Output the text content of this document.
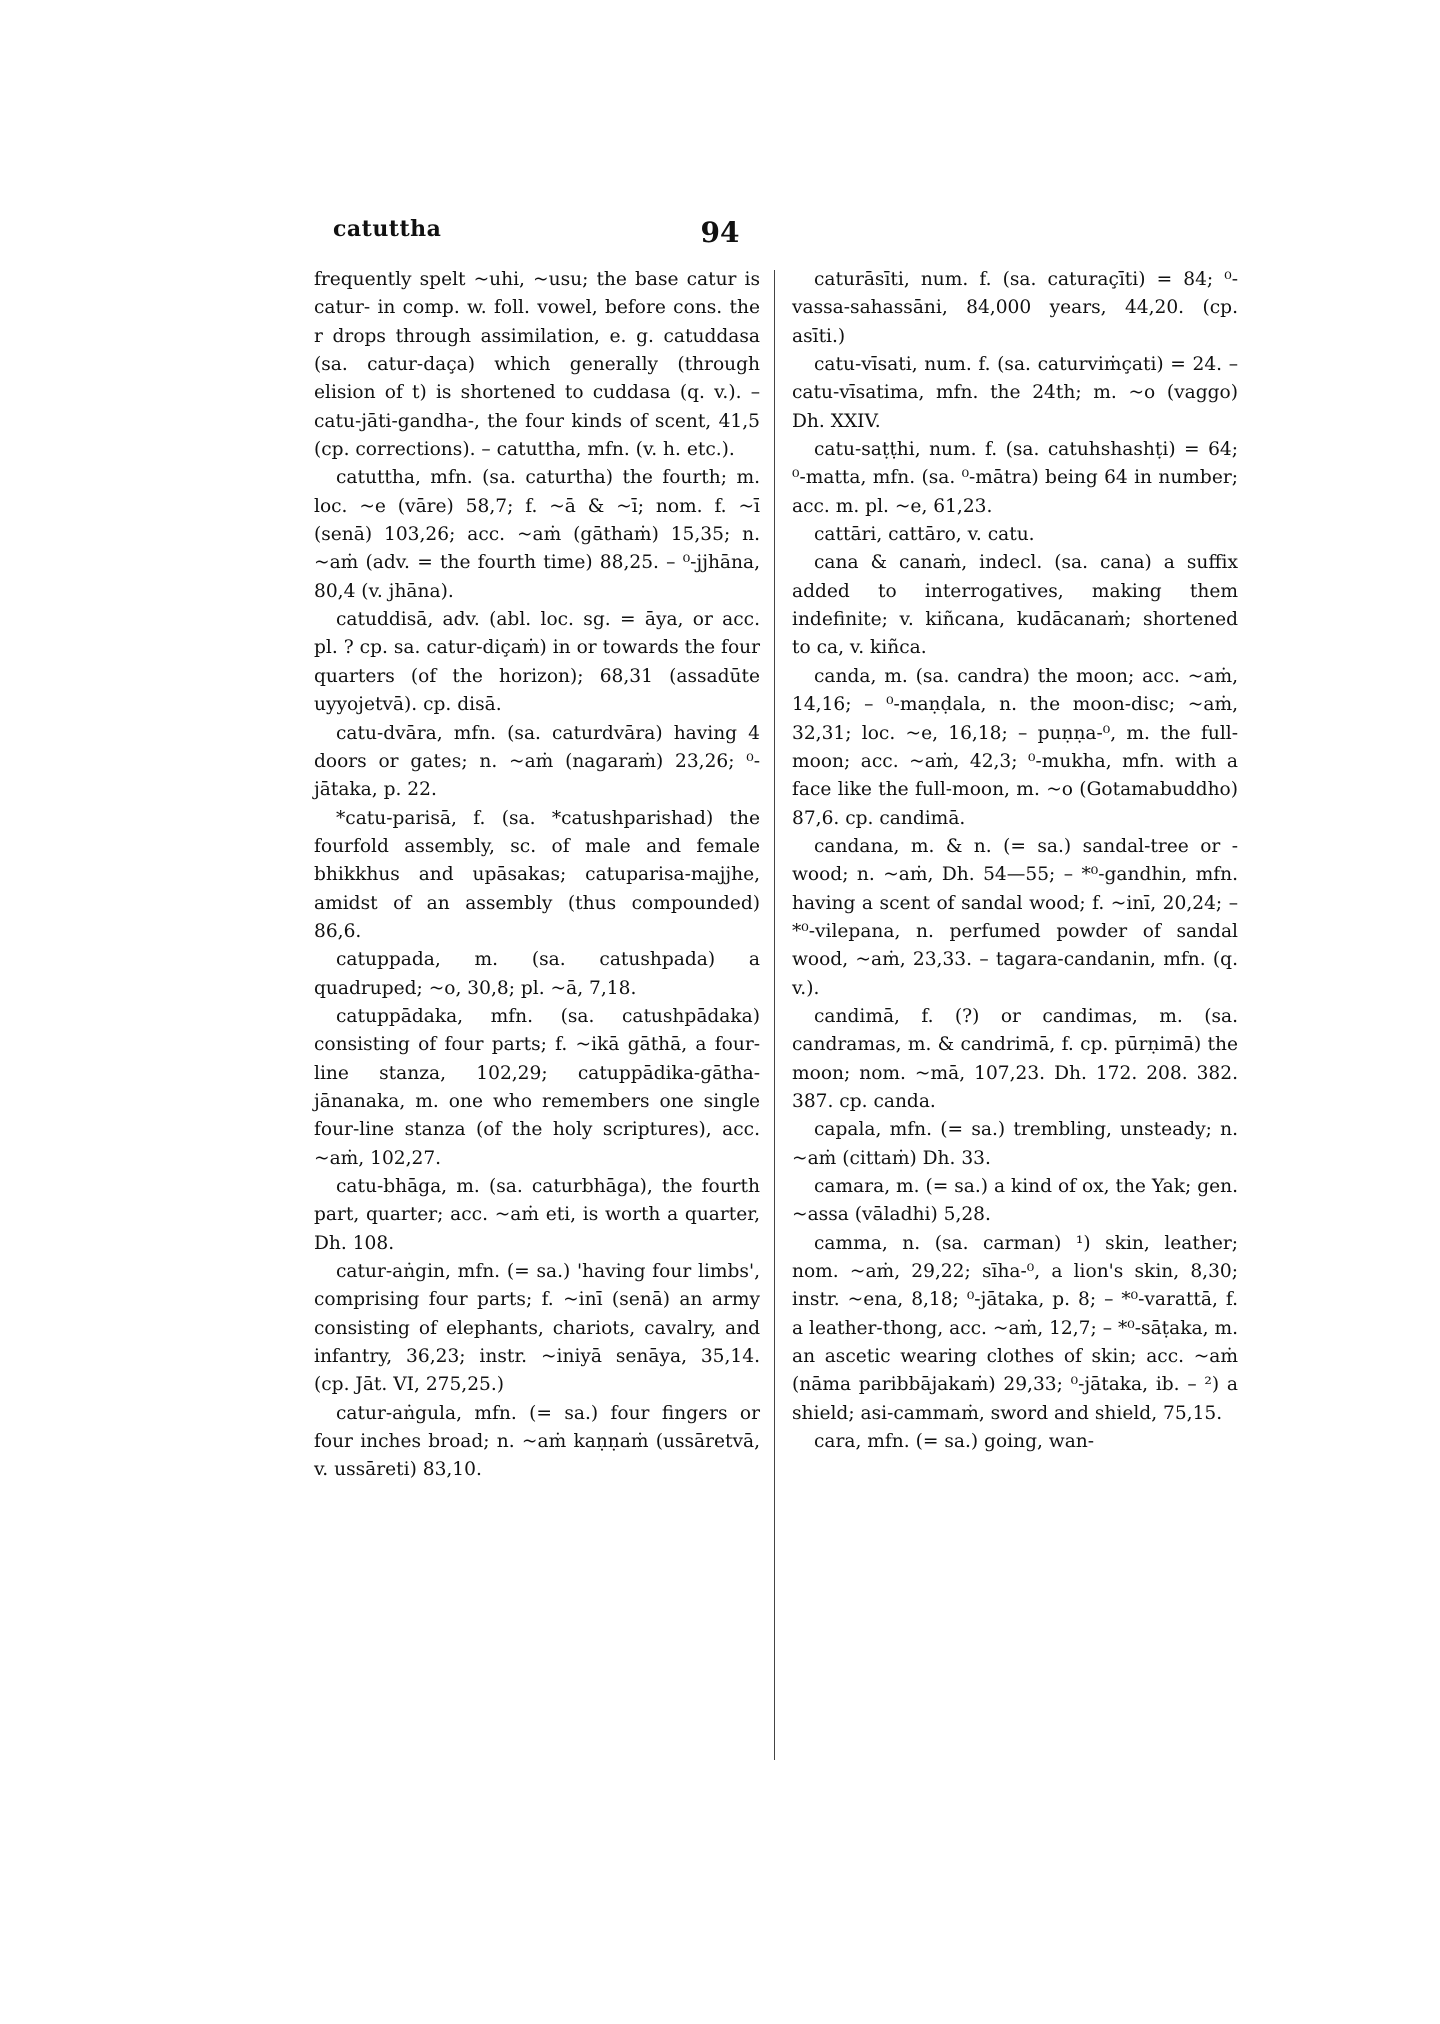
catuttha	94

frequently spelt ~uhi, ~usu; the base catur is catur- in comp. w. foll. vowel, before cons. the r drops through assimilation, e. g. catuddasa (sa. catur-daça) which generally (through elision of t) is shortened to cuddasa (q. v.). – catu-jāti-gandha-, the four kinds of scent, 41,5 (cp. corrections). – catuttha, mfn. (v. h. etc.).

catuttha, mfn. (sa. caturtha) the fourth; m. loc. ~e (vāre) 58,7; f. ~ā & ~ī; nom. f. ~ī (senā) 103,26; acc. ~aṁ (gāthaṁ) 15,35; n. ~aṁ (adv. = the fourth time) 88,25. – ⁰-jjhāna, 80,4 (v. jhāna).

catuddisā, adv. (abl. loc. sg. = āya, or acc. pl. ? cp. sa. catur-diçaṁ) in or towards the four quarters (of the horizon); 68,31 (assadūte uyyojetvā). cp. disā.

catu-dvāra, mfn. (sa. caturdvāra) having 4 doors or gates; n. ~aṁ (nagaraṁ) 23,26; ⁰-jātaka, p. 22.

*catu-parisā, f. (sa. *catushparishad) the fourfold assembly, sc. of male and female bhikkhus and upāsakas; catuparisa-majjhe, amidst of an assembly (thus compounded) 86,6.

catuppada, m. (sa. catushpada) a quadruped; ~o, 30,8; pl. ~ā, 7,18.

catuppādaka, mfn. (sa. catushpādaka) consisting of four parts; f. ~ikā gāthā, a four-line stanza, 102,29; catuppādika-gātha-jānanaka, m. one who remembers one single four-line stanza (of the holy scriptures), acc. ~aṁ, 102,27.

catu-bhāga, m. (sa. caturbhāga), the fourth part, quarter; acc. ~aṁ eti, is worth a quarter, Dh. 108.

catur-aṅgin, mfn. (= sa.) 'having four limbs', comprising four parts; f. ~inī (senā) an army consisting of elephants, chariots, cavalry, and infantry, 36,23; instr. ~iniyā senāya, 35,14. (cp. Jāt. VI, 275,25.)

catur-aṅgula, mfn. (= sa.) four fingers or four inches broad; n. ~aṁ kaṇṇaṁ (ussāretvā, v. ussāreti) 83,10.

caturāsīti, num. f. (sa. caturaçīti) = 84; ⁰-vassa-sahassāni, 84,000 years, 44,20. (cp. asīti.)

catu-vīsati, num. f. (sa. caturviṁçati) = 24. – catu-vīsatima, mfn. the 24th; m. ~o (vaggo) Dh. XXIV.

catu-saṭṭhi, num. f. (sa. catuhshashṭi) = 64; ⁰-matta, mfn. (sa. ⁰-mātra) being 64 in number; acc. m. pl. ~e, 61,23.

cattāri, cattāro, v. catu.

cana & canaṁ, indecl. (sa. cana) a suffix added to interrogatives, making them indefinite; v. kiñcana, kudācanaṁ; shortened to ca, v. kiñca.

canda, m. (sa. candra) the moon; acc. ~aṁ, 14,16; – ⁰-maṇḍala, n. the moon-disc; ~aṁ, 32,31; loc. ~e, 16,18; – puṇṇa-⁰, m. the full-moon; acc. ~aṁ, 42,3; ⁰-mukha, mfn. with a face like the full-moon, m. ~o (Gotamabuddho) 87,6. cp. candimā.

candana, m. & n. (= sa.) sandal-tree or -wood; n. ~aṁ, Dh. 54—55; – *⁰-gandhin, mfn. having a scent of sandal wood; f. ~inī, 20,24; – *⁰-vilepana, n. perfumed powder of sandal wood, ~aṁ, 23,33. – tagara-candanin, mfn. (q. v.).

candimā, f. (?) or candimas, m. (sa. candramas, m. & candrimā, f. cp. pūrṇimā) the moon; nom. ~mā, 107,23. Dh. 172. 208. 382. 387. cp. canda.

capala, mfn. (= sa.) trembling, unsteady; n. ~aṁ (cittaṁ) Dh. 33.

camara, m. (= sa.) a kind of ox, the Yak; gen. ~assa (vāladhi) 5,28.

camma, n. (sa. carman) ¹) skin, leather; nom. ~aṁ, 29,22; sīha-⁰, a lion's skin, 8,30; instr. ~ena, 8,18; ⁰-jātaka, p. 8; – *⁰-varattā, f. a leather-thong, acc. ~aṁ, 12,7; – *⁰-sāṭaka, m. an ascetic wearing clothes of skin; acc. ~aṁ (nāma paribbājakaṁ) 29,33; ⁰-jātaka, ib. – ²) a shield; asi-cammaṁ, sword and shield, 75,15.

cara, mfn. (= sa.) going, wan-
